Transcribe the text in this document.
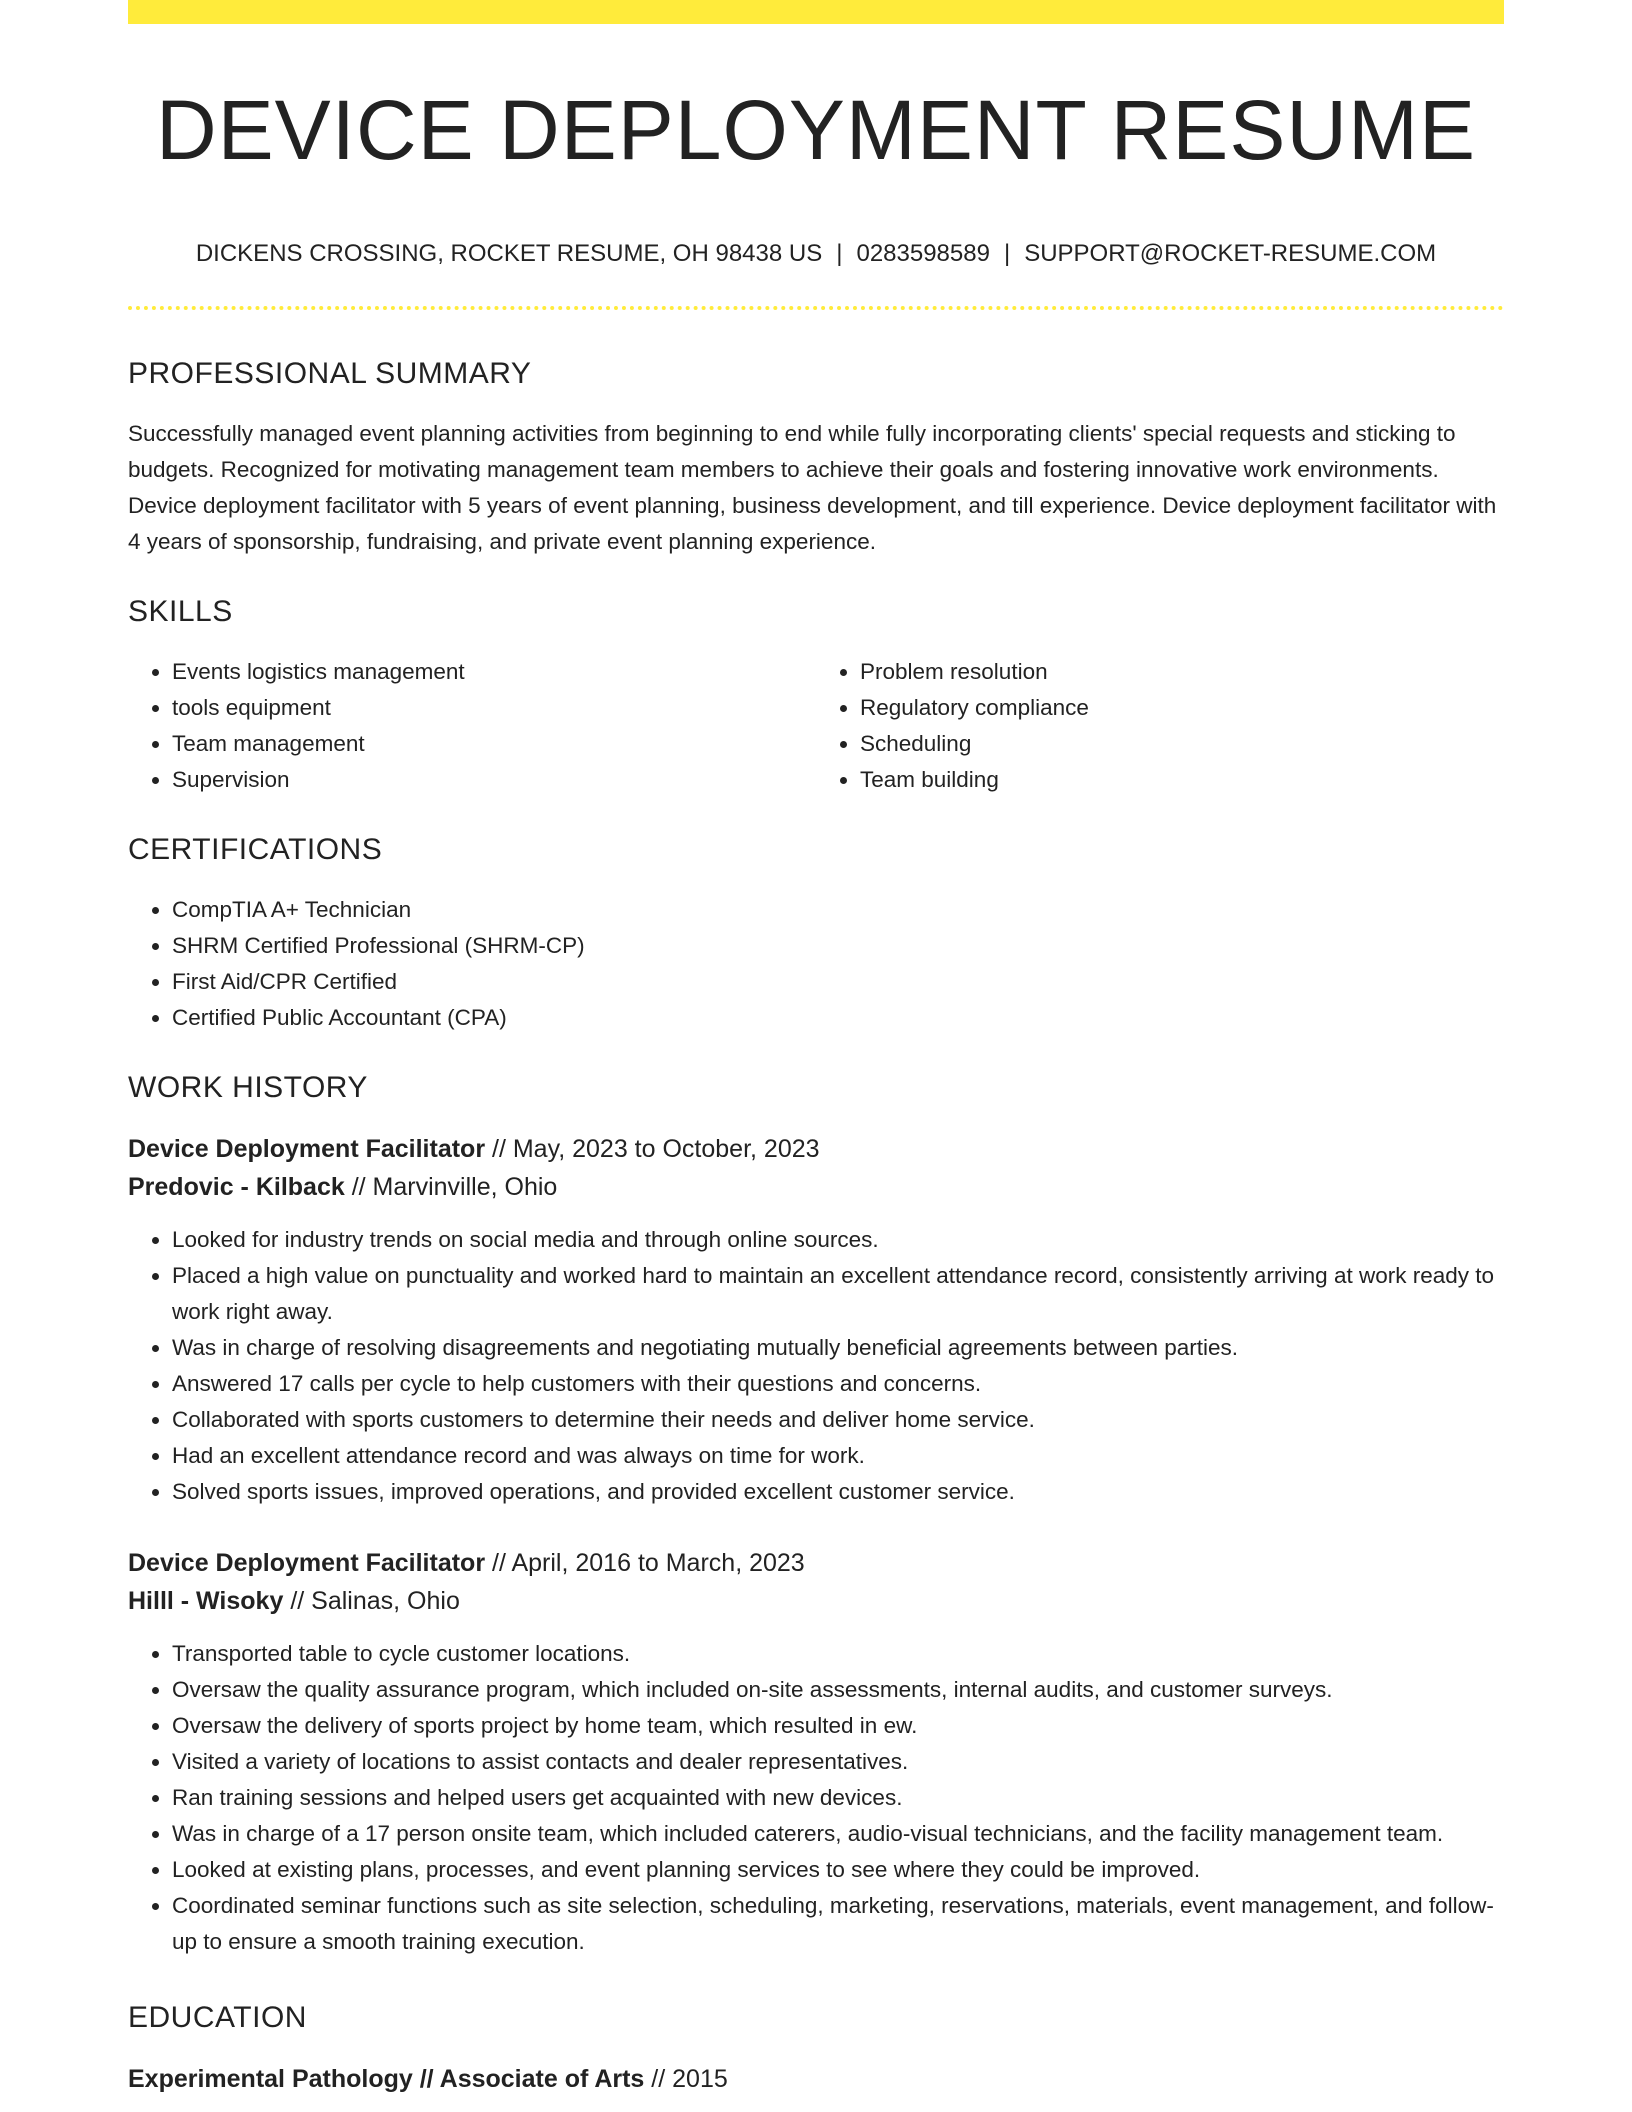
DEVICE DEPLOYMENT RESUME
DICKENS CROSSING, ROCKET RESUME, OH 98438 US | 0283598589 | SUPPORT@ROCKET-RESUME.COM
PROFESSIONAL SUMMARY

Successfully managed event planning activities from beginning to end while fully incorporating clients' special requests and sticking to budgets. Recognized for motivating management team members to achieve their goals and fostering innovative work environments. Device deployment facilitator with 5 years of event planning, business development, and till experience. Device deployment facilitator with 4 years of sponsorship, fundraising, and private event planning experience.

SKILLS
• Events logistics management
• tools equipment
• Team management
• Supervision
• Problem resolution
• Regulatory compliance
• Scheduling
• Team building
CERTIFICATIONS
• CompTIA A+ Technician
• SHRM Certified Professional (SHRM-CP)
• First Aid/CPR Certified
• Certified Public Accountant (CPA)
WORK HISTORY
Device Deployment Facilitator // May, 2023 to October, 2023
Predovic - Kilback // Marvinville, Ohio
• Looked for industry trends on social media and through online sources.
• Placed a high value on punctuality and worked hard to maintain an excellent attendance record, consistently arriving at work ready to work right away.
• Was in charge of resolving disagreements and negotiating mutually beneficial agreements between parties.
• Answered 17 calls per cycle to help customers with their questions and concerns.
• Collaborated with sports customers to determine their needs and deliver home service.
• Had an excellent attendance record and was always on time for work.
• Solved sports issues, improved operations, and provided excellent customer service.
Device Deployment Facilitator // April, 2016 to March, 2023
Hilll - Wisoky // Salinas, Ohio
• Transported table to cycle customer locations.
• Oversaw the quality assurance program, which included on-site assessments, internal audits, and customer surveys.
• Oversaw the delivery of sports project by home team, which resulted in ew.
• Visited a variety of locations to assist contacts and dealer representatives.
• Ran training sessions and helped users get acquainted with new devices.
• Was in charge of a 17 person onsite team, which included caterers, audio-visual technicians, and the facility management team.
• Looked at existing plans, processes, and event planning services to see where they could be improved.
• Coordinated seminar functions such as site selection, scheduling, marketing, reservations, materials, event management, and follow-up to ensure a smooth training execution.
EDUCATION
Experimental Pathology // Associate of Arts // 2015
